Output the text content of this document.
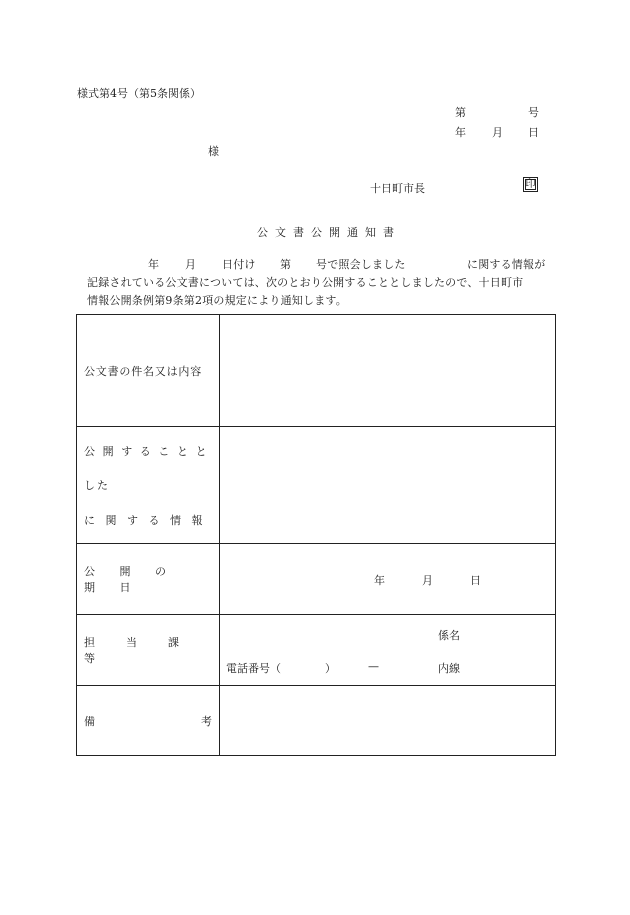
様式第4号（第5条関係）
第	号
年 月 日
様
十日町市長	印
公文書公開通知書
年 月 日付け 第 号で照会しました	に関する情報が
記録されている公文書については、次のとおり公開することとしましたので、十日町市
情報公開条例第9条第2項の規定により通知します。
公文書の件名又は内容	

公開することと
した
に関する情報	

公開の期日	年 月 日

担当課等	係名
電話番号（　　　　） — 内線

備 考	
